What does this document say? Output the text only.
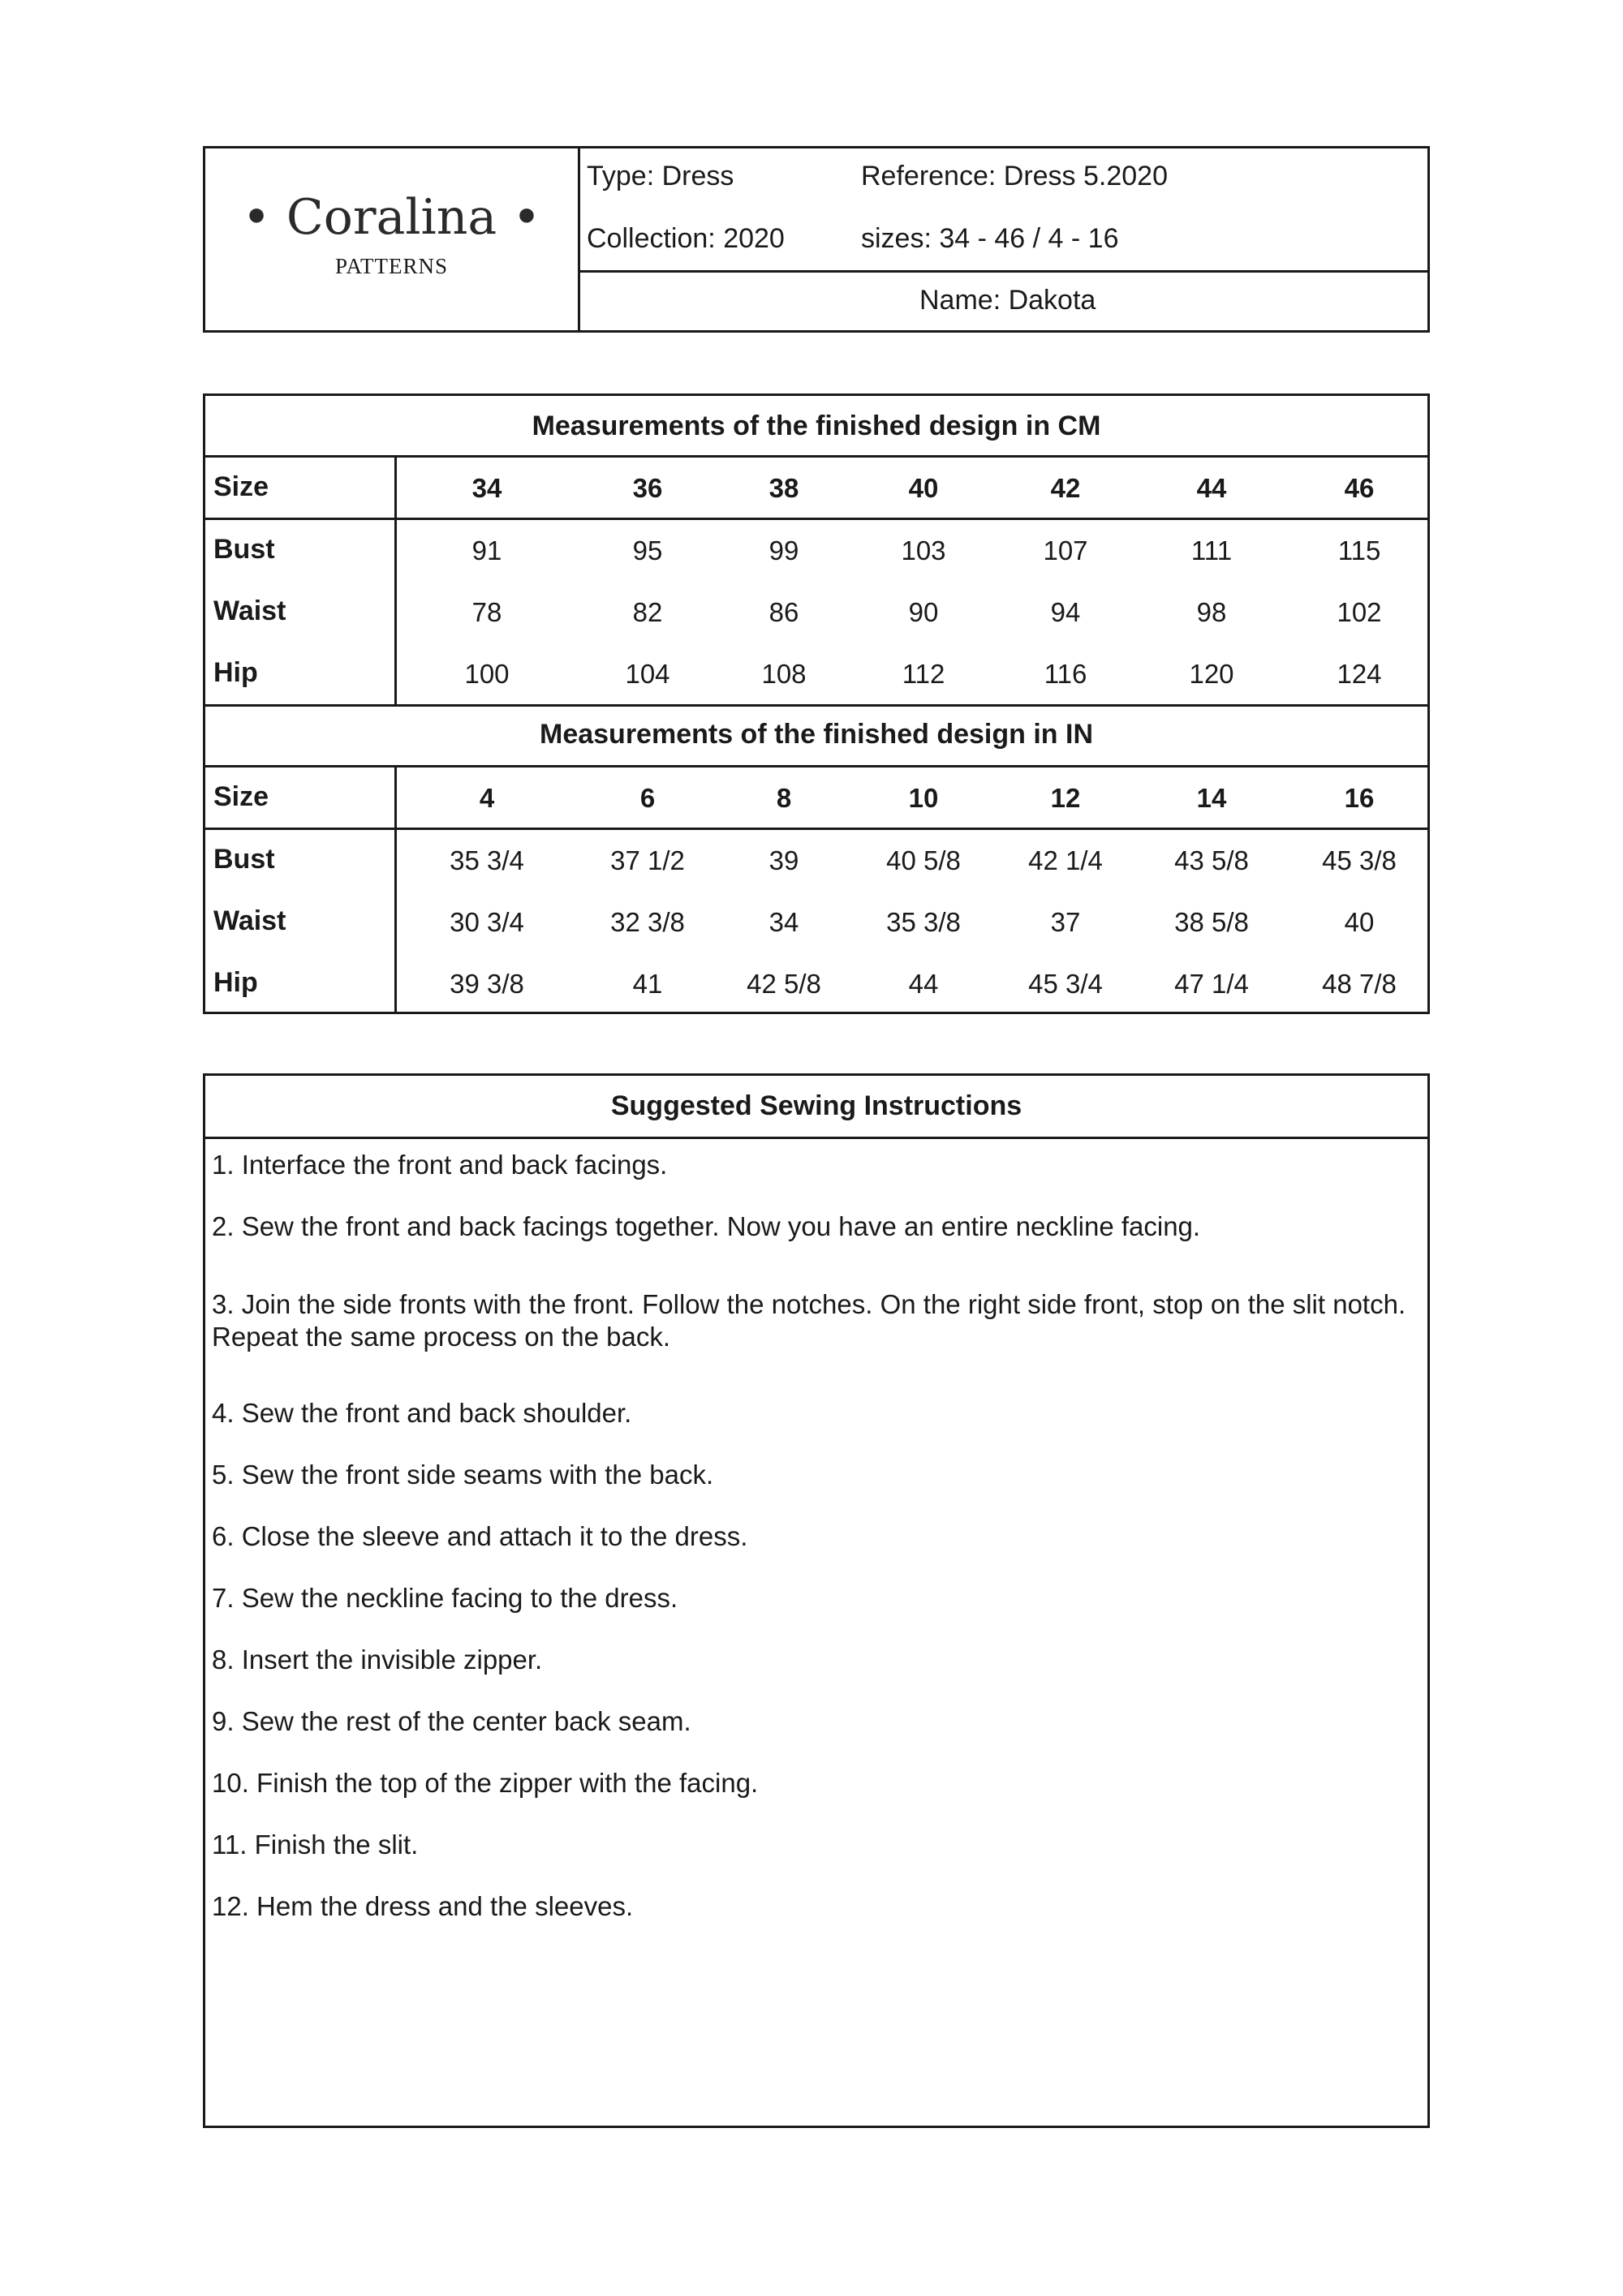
• Coralina •
PATTERNS
Type: Dress	Reference: Dress 5.2020
Collection: 2020	sizes: 34 - 46 / 4 - 16
Name: Dakota
Measurements of the finished design in CM
Size	34	36	38	40	42	44	46
Bust	91	95	99	103	107	111	115
Waist	78	82	86	90	94	98	102
Hip	100	104	108	112	116	120	124
Measurements of the finished design in IN
Size	4	6	8	10	12	14	16
Bust	35 3/4	37 1/2	39	40 5/8	42 1/4	43 5/8	45 3/8
Waist	30 3/4	32 3/8	34	35 3/8	37	38 5/8	40
Hip	39 3/8	41	42 5/8	44	45 3/4	47 1/4	48 7/8
Suggested Sewing Instructions
1. Interface the front and back facings.
2. Sew the front and back facings together. Now you have an entire neckline facing.
3. Join the side fronts with the front. Follow the notches. On the right side front, stop on the slit notch. Repeat the same process on the back.
4. Sew the front and back shoulder.
5. Sew the front side seams with the back.
6. Close the sleeve and attach it to the dress.
7. Sew the neckline facing to the dress.
8. Insert the invisible zipper.
9. Sew the rest of the center back seam.
10. Finish the top of the zipper with the facing.
11. Finish the slit.
12. Hem the dress and the sleeves.
